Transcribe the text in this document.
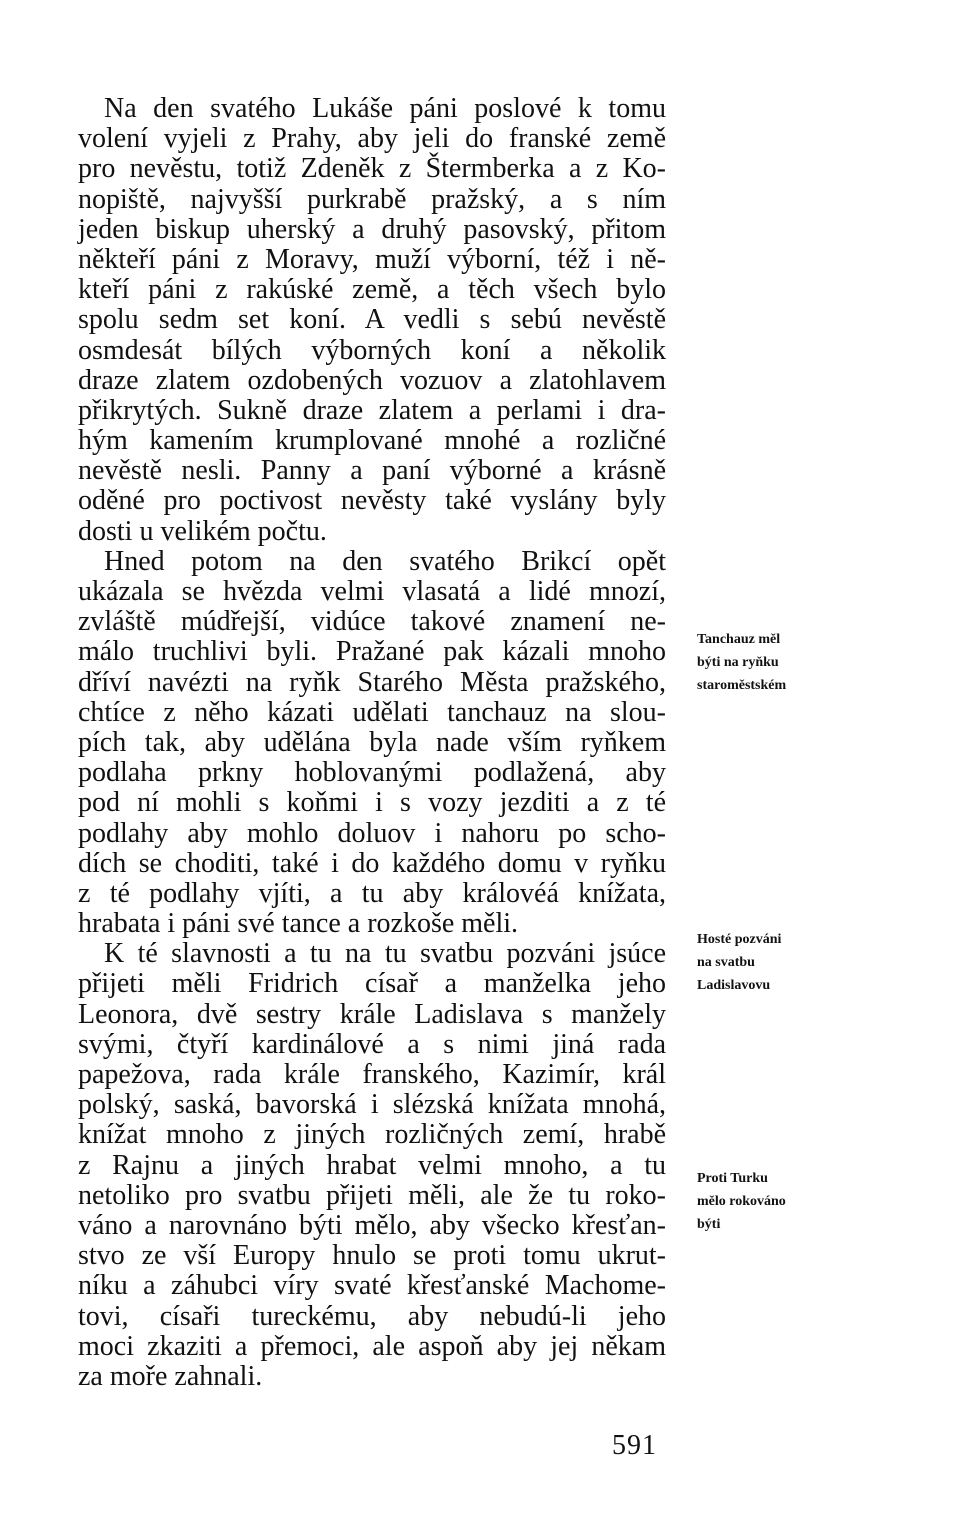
Na den svatého Lukáše páni poslové k tomu
volení vyjeli z Prahy, aby jeli do franské země
pro nevěstu, totiž Zdeněk z Štermberka a z Ko-
nopiště, najvyšší purkrabě pražský, a s ním
jeden biskup uherský a druhý pasovský, přitom
někteří páni z Moravy, muží výborní, též i ně-
kteří páni z rakúské země, a těch všech bylo
spolu sedm set koní. A vedli s sebú nevěstě
osmdesát bílých výborných koní a několik
draze zlatem ozdobených vozuov a zlatohlavem
přikrytých. Sukně draze zlatem a perlami i dra-
hým kamením krumplované mnohé a rozličné
nevěstě nesli. Panny a paní výborné a krásně
oděné pro poctivost nevěsty také vyslány byly
dosti u velikém počtu.
Hned potom na den svatého Brikcí opět
ukázala se hvězda velmi vlasatá a lidé mnozí,
zvláště múdřejší, vidúce takové znamení ne-
málo truchlivi byli. Pražané pak kázali mnoho
dříví navézti na ryňk Starého Města pražského,
chtíce z něho kázati udělati tanchauz na slou-
pích tak, aby udělána byla nade vším ryňkem
podlaha prkny hoblovanými podlažená, aby
pod ní mohli s koňmi i s vozy jezditi a z té
podlahy aby mohlo doluov i nahoru po scho-
dích se choditi, také i do každého domu v ryňku
z té podlahy vjíti, a tu aby královéá knížata,
hrabata i páni své tance a rozkoše měli.
K té slavnosti a tu na tu svatbu pozváni jsúce
přijeti měli Fridrich císař a manželka jeho
Leonora, dvě sestry krále Ladislava s manžely
svými, čtyří kardinálové a s nimi jiná rada
papežova, rada krále franského, Kazimír, král
polský, saská, bavorská i slézská knížata mnohá,
knížat mnoho z jiných rozličných zemí, hrabě
z Rajnu a jiných hrabat velmi mnoho, a tu
netoliko pro svatbu přijeti měli, ale že tu roko-
váno a narovnáno býti mělo, aby všecko křesťan-
stvo ze vší Europy hnulo se proti tomu ukrut-
níku a záhubci víry svaté křesťanské Machome-
tovi, císaři tureckému, aby nebudú-li jeho
moci zkaziti a přemoci, ale aspoň aby jej někam
za moře zahnali.
Tanchauz měl
býti na ryňku
staroměstském
Hosté pozváni
na svatbu
Ladislavovu
Proti Turku
mělo rokováno
býti
591
